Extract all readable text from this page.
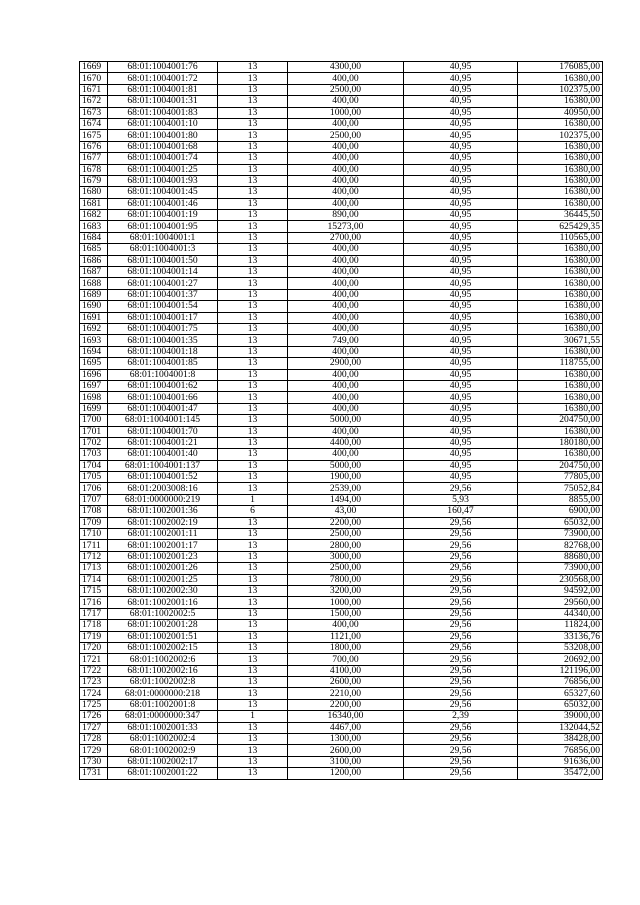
1669	68:01:1004001:76	13	4300,00	40,95	176085,00
1670	68:01:1004001:72	13	400,00	40,95	16380,00
1671	68:01:1004001:81	13	2500,00	40,95	102375,00
1672	68:01:1004001:31	13	400,00	40,95	16380,00
1673	68:01:1004001:83	13	1000,00	40,95	40950,00
1674	68:01:1004001:10	13	400,00	40,95	16380,00
1675	68:01:1004001:80	13	2500,00	40,95	102375,00
1676	68:01:1004001:68	13	400,00	40,95	16380,00
1677	68:01:1004001:74	13	400,00	40,95	16380,00
1678	68:01:1004001:25	13	400,00	40,95	16380,00
1679	68:01:1004001:93	13	400,00	40,95	16380,00
1680	68:01:1004001:45	13	400,00	40,95	16380,00
1681	68:01:1004001:46	13	400,00	40,95	16380,00
1682	68:01:1004001:19	13	890,00	40,95	36445,50
1683	68:01:1004001:95	13	15273,00	40,95	625429,35
1684	68:01:1004001:1	13	2700,00	40,95	110565,00
1685	68:01:1004001:3	13	400,00	40,95	16380,00
1686	68:01:1004001:50	13	400,00	40,95	16380,00
1687	68:01:1004001:14	13	400,00	40,95	16380,00
1688	68:01:1004001:27	13	400,00	40,95	16380,00
1689	68:01:1004001:37	13	400,00	40,95	16380,00
1690	68:01:1004001:54	13	400,00	40,95	16380,00
1691	68:01:1004001:17	13	400,00	40,95	16380,00
1692	68:01:1004001:75	13	400,00	40,95	16380,00
1693	68:01:1004001:35	13	749,00	40,95	30671,55
1694	68:01:1004001:18	13	400,00	40,95	16380,00
1695	68:01:1004001:85	13	2900,00	40,95	118755,00
1696	68:01:1004001:8	13	400,00	40,95	16380,00
1697	68:01:1004001:62	13	400,00	40,95	16380,00
1698	68:01:1004001:66	13	400,00	40,95	16380,00
1699	68:01:1004001:47	13	400,00	40,95	16380,00
1700	68:01:1004001:145	13	5000,00	40,95	204750,00
1701	68:01:1004001:70	13	400,00	40,95	16380,00
1702	68:01:1004001:21	13	4400,00	40,95	180180,00
1703	68:01:1004001:40	13	400,00	40,95	16380,00
1704	68:01:1004001:137	13	5000,00	40,95	204750,00
1705	68:01:1004001:52	13	1900,00	40,95	77805,00
1706	68:01:2003008:16	13	2539,00	29,56	75052,84
1707	68:01:0000000:219	1	1494,00	5,93	8855,00
1708	68:01:1002001:36	6	43,00	160,47	6900,00
1709	68:01:1002002:19	13	2200,00	29,56	65032,00
1710	68:01:1002001:11	13	2500,00	29,56	73900,00
1711	68:01:1002001:17	13	2800,00	29,56	82768,00
1712	68:01:1002001:23	13	3000,00	29,56	88680,00
1713	68:01:1002001:26	13	2500,00	29,56	73900,00
1714	68:01:1002001:25	13	7800,00	29,56	230568,00
1715	68:01:1002002:30	13	3200,00	29,56	94592,00
1716	68:01:1002001:16	13	1000,00	29,56	29560,00
1717	68:01:1002002:5	13	1500,00	29,56	44340,00
1718	68:01:1002001:28	13	400,00	29,56	11824,00
1719	68:01:1002001:51	13	1121,00	29,56	33136,76
1720	68:01:1002002:15	13	1800,00	29,56	53208,00
1721	68:01:1002002:6	13	700,00	29,56	20692,00
1722	68:01:1002002:16	13	4100,00	29,56	121196,00
1723	68:01:1002002:8	13	2600,00	29,56	76856,00
1724	68:01:0000000:218	13	2210,00	29,56	65327,60
1725	68:01:1002001:8	13	2200,00	29,56	65032,00
1726	68:01:0000000:347	1	16340,00	2,39	39000,00
1727	68:01:1002001:33	13	4467,00	29,56	132044,52
1728	68:01:1002002:4	13	1300,00	29,56	38428,00
1729	68:01:1002002:9	13	2600,00	29,56	76856,00
1730	68:01:1002002:17	13	3100,00	29,56	91636,00
1731	68:01:1002001:22	13	1200,00	29,56	35472,00
